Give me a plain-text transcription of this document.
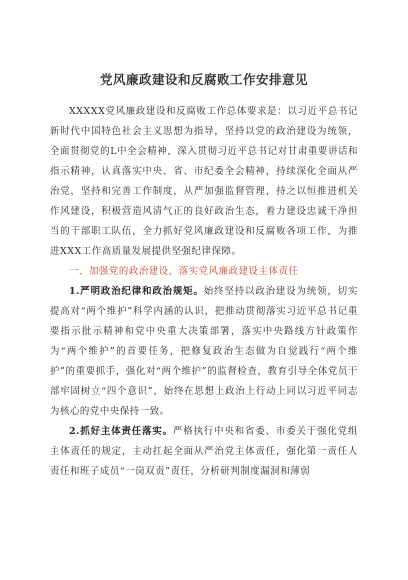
党风廉政建设和反腐败工作安排意见

XXXXX党风廉政建设和反腐败工作总体要求是：以习近平总书记新时代中国特色社会主义思想为指导，坚持以党的政治建设为统领，全面贯彻党的L中全会精神，深入贯彻习近平总书记对甘肃重要讲话和指示精神，认真落实中央、省、市纪委全会精神，持续深化全面从严治党，坚持和完善工作制度，从严加强监督管理，持之以恒推进机关作风建设，积极营造风清气正的良好政治生态，着力建设忠诚干净担当的干部职工队伍，全力抓好党风廉政建设和反腐败各项工作，为推进XXX工作高质量发展提供坚强纪律保障。

一、加强党的政治建设，落实党风廉政建设主体责任

1.严明政治纪律和政治规矩。始终坚持以政治建设为统领，切实提高对“两个维护”科学内涵的认识，把推动贯彻落实习近平总书记重要指示批示精神和党中央重大决策部署，落实中央路线方针政策作为“两个维护”的首要任务，把修复政治生态做为自觉践行“两个维护”的重要抓手，强化对“两个维护”的监督检查，教育引导全体党员干部牢固树立“四个意识”，始终在思想上政治上行动上同以习近平同志为核心的党中央保持一致。

2.抓好主体责任落实。严格执行中央和省委、市委关于强化党组主体责任的规定，主动扛起全面从严治党主体责任，强化第一责任人责任和班子成员“一岗双责”责任，分析研判制度漏洞和薄弱
